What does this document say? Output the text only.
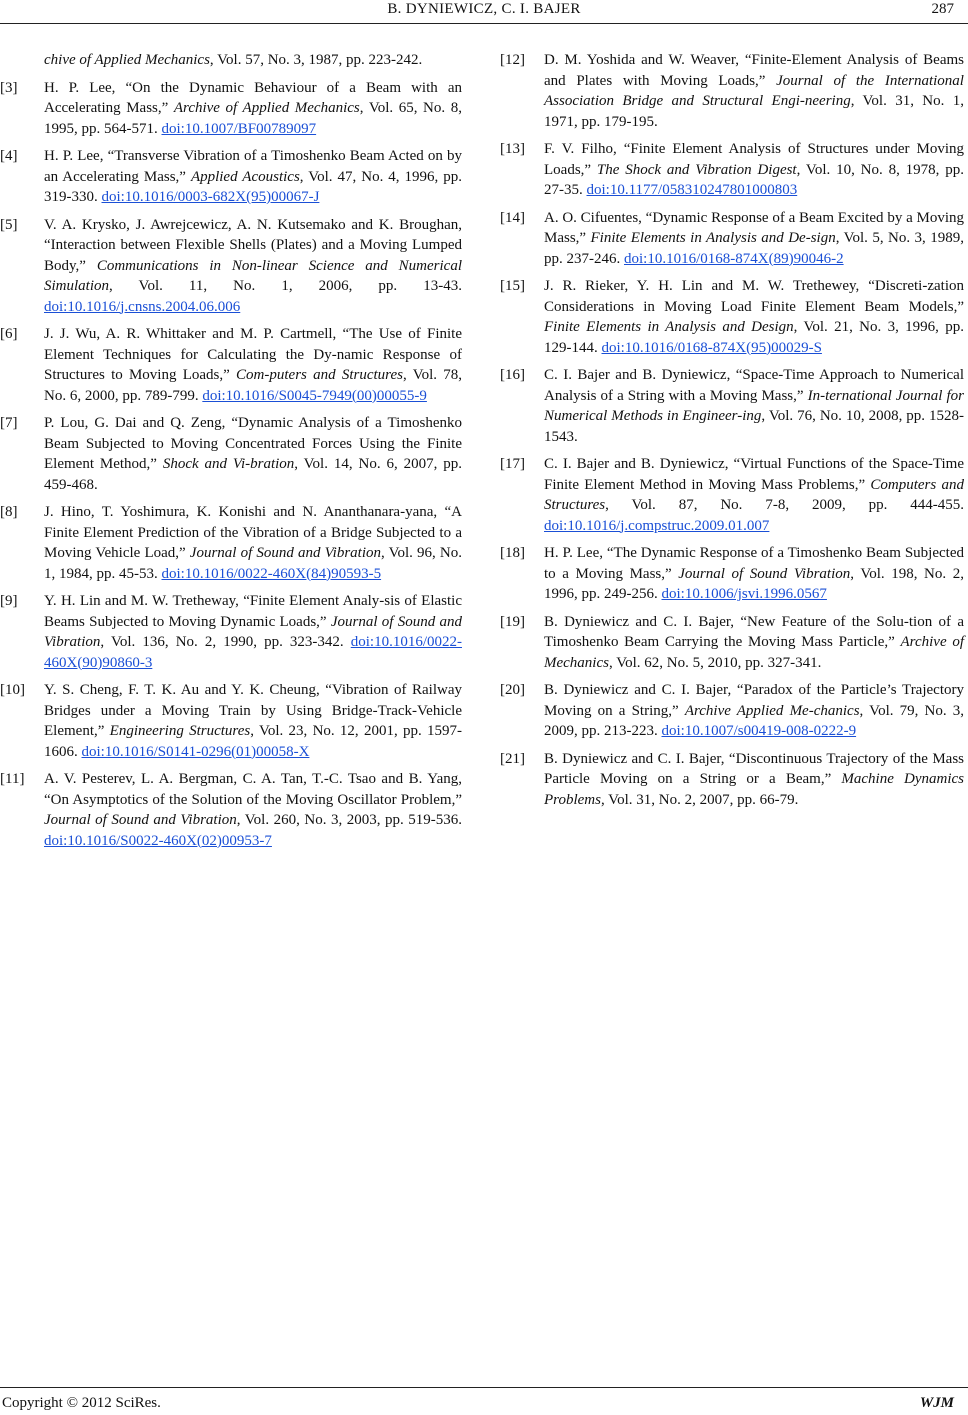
B. DYNIEWICZ, C. I. BAJER	287
chive of Applied Mechanics, Vol. 57, No. 3, 1987, pp. 223-242.
[3] H. P. Lee, “On the Dynamic Behaviour of a Beam with an Accelerating Mass,” Archive of Applied Mechanics, Vol. 65, No. 8, 1995, pp. 564-571. doi:10.1007/BF00789097
[4] H. P. Lee, “Transverse Vibration of a Timoshenko Beam Acted on by an Accelerating Mass,” Applied Acoustics, Vol. 47, No. 4, 1996, pp. 319-330. doi:10.1016/0003-682X(95)00067-J
[5] V. A. Krysko, J. Awrejcewicz, A. N. Kutsemako and K. Broughan, “Interaction between Flexible Shells (Plates) and a Moving Lumped Body,” Communications in Non-linear Science and Numerical Simulation, Vol. 11, No. 1, 2006, pp. 13-43. doi:10.1016/j.cnsns.2004.06.006
[6] J. J. Wu, A. R. Whittaker and M. P. Cartmell, “The Use of Finite Element Techniques for Calculating the Dy-namic Response of Structures to Moving Loads,” Com-puters and Structures, Vol. 78, No. 6, 2000, pp. 789-799. doi:10.1016/S0045-7949(00)00055-9
[7] P. Lou, G. Dai and Q. Zeng, “Dynamic Analysis of a Timoshenko Beam Subjected to Moving Concentrated Forces Using the Finite Element Method,” Shock and Vi-bration, Vol. 14, No. 6, 2007, pp. 459-468.
[8] J. Hino, T. Yoshimura, K. Konishi and N. Ananthanara-yana, “A Finite Element Prediction of the Vibration of a Bridge Subjected to a Moving Vehicle Load,” Journal of Sound and Vibration, Vol. 96, No. 1, 1984, pp. 45-53. doi:10.1016/0022-460X(84)90593-5
[9] Y. H. Lin and M. W. Tretheway, “Finite Element Analy-sis of Elastic Beams Subjected to Moving Dynamic Loads,” Journal of Sound and Vibration, Vol. 136, No. 2, 1990, pp. 323-342. doi:10.1016/0022-460X(90)90860-3
[10] Y. S. Cheng, F. T. K. Au and Y. K. Cheung, “Vibration of Railway Bridges under a Moving Train by Using Bridge-Track-Vehicle Element,” Engineering Structures, Vol. 23, No. 12, 2001, pp. 1597-1606. doi:10.1016/S0141-0296(01)00058-X
[11] A. V. Pesterev, L. A. Bergman, C. A. Tan, T.-C. Tsao and B. Yang, “On Asymptotics of the Solution of the Moving Oscillator Problem,” Journal of Sound and Vibration, Vol. 260, No. 3, 2003, pp. 519-536. doi:10.1016/S0022-460X(02)00953-7
[12] D. M. Yoshida and W. Weaver, “Finite-Element Analysis of Beams and Plates with Moving Loads,” Journal of the International Association Bridge and Structural Engi-neering, Vol. 31, No. 1, 1971, pp. 179-195.
[13] F. V. Filho, “Finite Element Analysis of Structures under Moving Loads,” The Shock and Vibration Digest, Vol. 10, No. 8, 1978, pp. 27-35. doi:10.1177/058310247801000803
[14] A. O. Cifuentes, “Dynamic Response of a Beam Excited by a Moving Mass,” Finite Elements in Analysis and De-sign, Vol. 5, No. 3, 1989, pp. 237-246. doi:10.1016/0168-874X(89)90046-2
[15] J. R. Rieker, Y. H. Lin and M. W. Trethewey, “Discreti-zation Considerations in Moving Load Finite Element Beam Models,” Finite Elements in Analysis and Design, Vol. 21, No. 3, 1996, pp. 129-144. doi:10.1016/0168-874X(95)00029-S
[16] C. I. Bajer and B. Dyniewicz, “Space-Time Approach to Numerical Analysis of a String with a Moving Mass,” In-ternational Journal for Numerical Methods in Engineer-ing, Vol. 76, No. 10, 2008, pp. 1528-1543.
[17] C. I. Bajer and B. Dyniewicz, “Virtual Functions of the Space-Time Finite Element Method in Moving Mass Problems,” Computers and Structures, Vol. 87, No. 7-8, 2009, pp. 444-455. doi:10.1016/j.compstruc.2009.01.007
[18] H. P. Lee, “The Dynamic Response of a Timoshenko Beam Subjected to a Moving Mass,” Journal of Sound Vibration, Vol. 198, No. 2, 1996, pp. 249-256. doi:10.1006/jsvi.1996.0567
[19] B. Dyniewicz and C. I. Bajer, “New Feature of the Solu-tion of a Timoshenko Beam Carrying the Moving Mass Particle,” Archive of Mechanics, Vol. 62, No. 5, 2010, pp. 327-341.
[20] B. Dyniewicz and C. I. Bajer, “Paradox of the Particle’s Trajectory Moving on a String,” Archive Applied Me-chanics, Vol. 79, No. 3, 2009, pp. 213-223. doi:10.1007/s00419-008-0222-9
[21] B. Dyniewicz and C. I. Bajer, “Discontinuous Trajectory of the Mass Particle Moving on a String or a Beam,” Machine Dynamics Problems, Vol. 31, No. 2, 2007, pp. 66-79.
Copyright © 2012 SciRes.	WJM
